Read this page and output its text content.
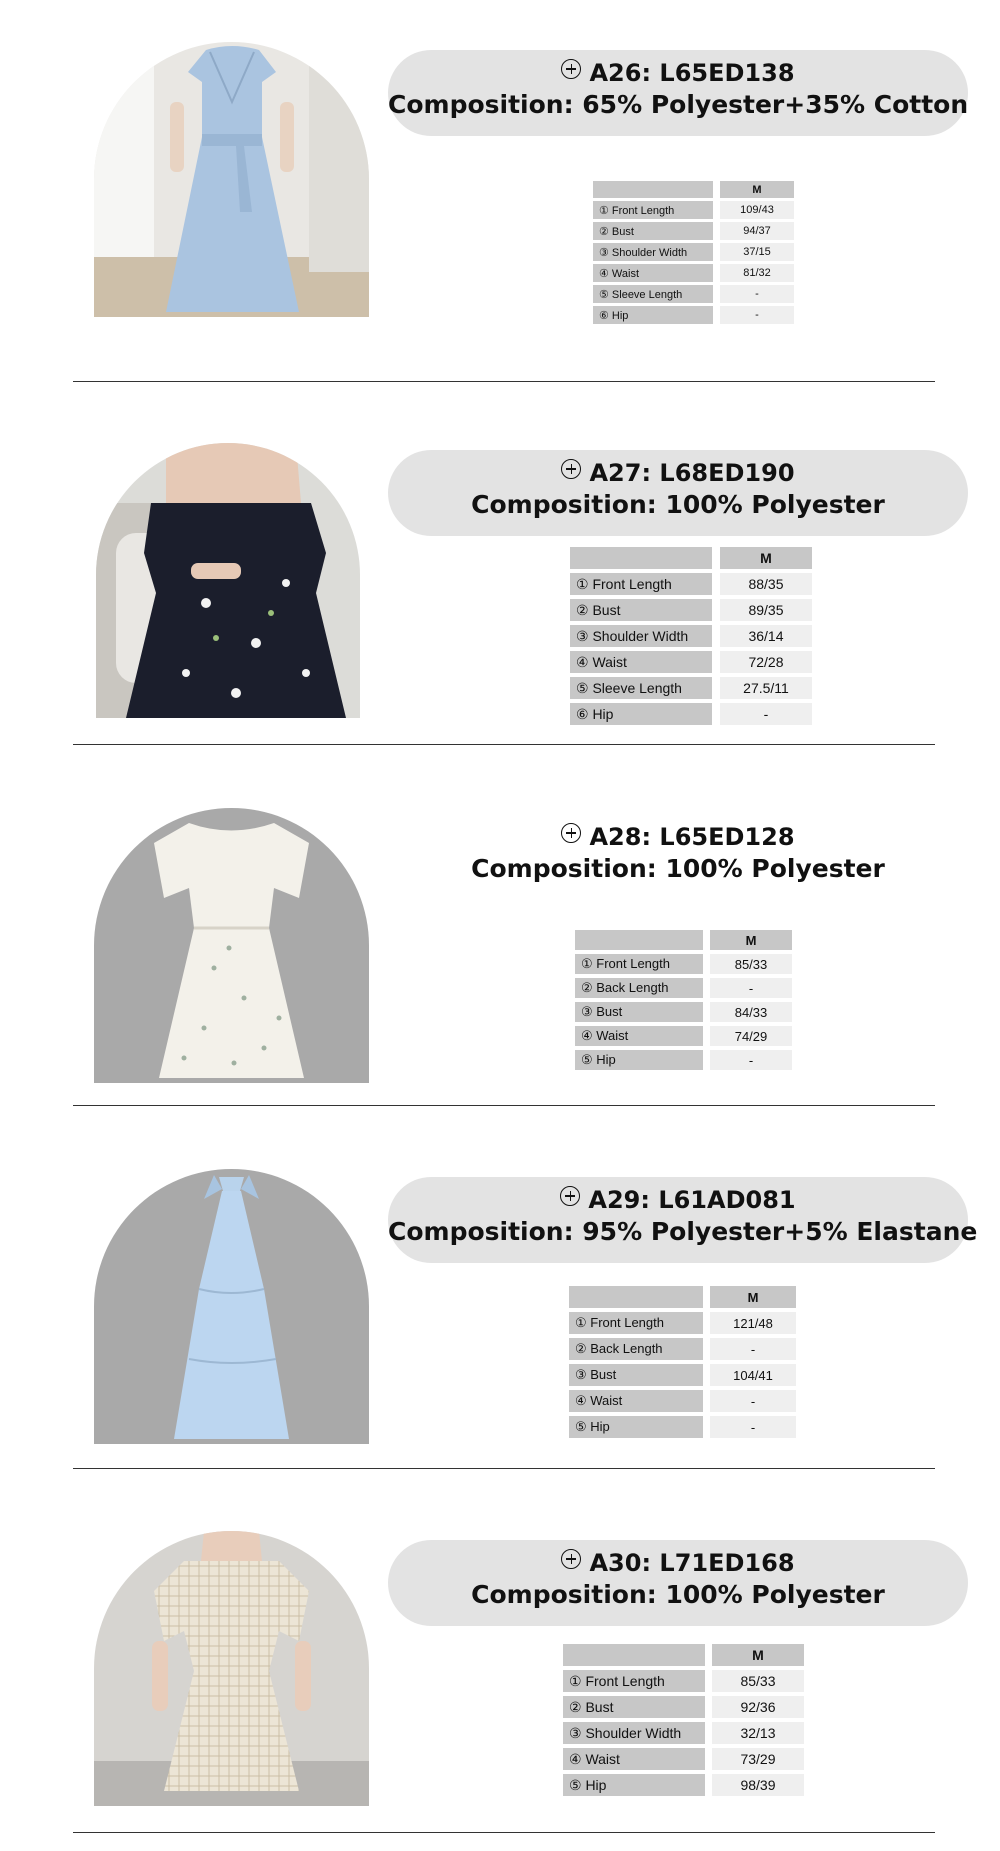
A26: L65ED138
Composition: 65% Polyester+35% Cotton
	M
① Front Length	109/43
② Bust	94/37
③ Shoulder Width	37/15
④ Waist	81/32
⑤ Sleeve Length	-
⑥ Hip	-
A27: L68ED190
Composition: 100% Polyester
	M
① Front Length	88/35
② Bust	89/35
③ Shoulder Width	36/14
④ Waist	72/28
⑤ Sleeve Length	27.5/11
⑥ Hip	-
A28: L65ED128
Composition: 100% Polyester
	M
① Front Length	85/33
② Back Length	-
③ Bust	84/33
④ Waist	74/29
⑤ Hip	-
A29: L61AD081
Composition: 95% Polyester+5% Elastane
	M
① Front Length	121/48
② Back Length	-
③ Bust	104/41
④ Waist	-
⑤ Hip	-
A30: L71ED168
Composition: 100% Polyester
	M
① Front Length	85/33
② Bust	92/36
③ Shoulder Width	32/13
④ Waist	73/29
⑤ Hip	98/39
